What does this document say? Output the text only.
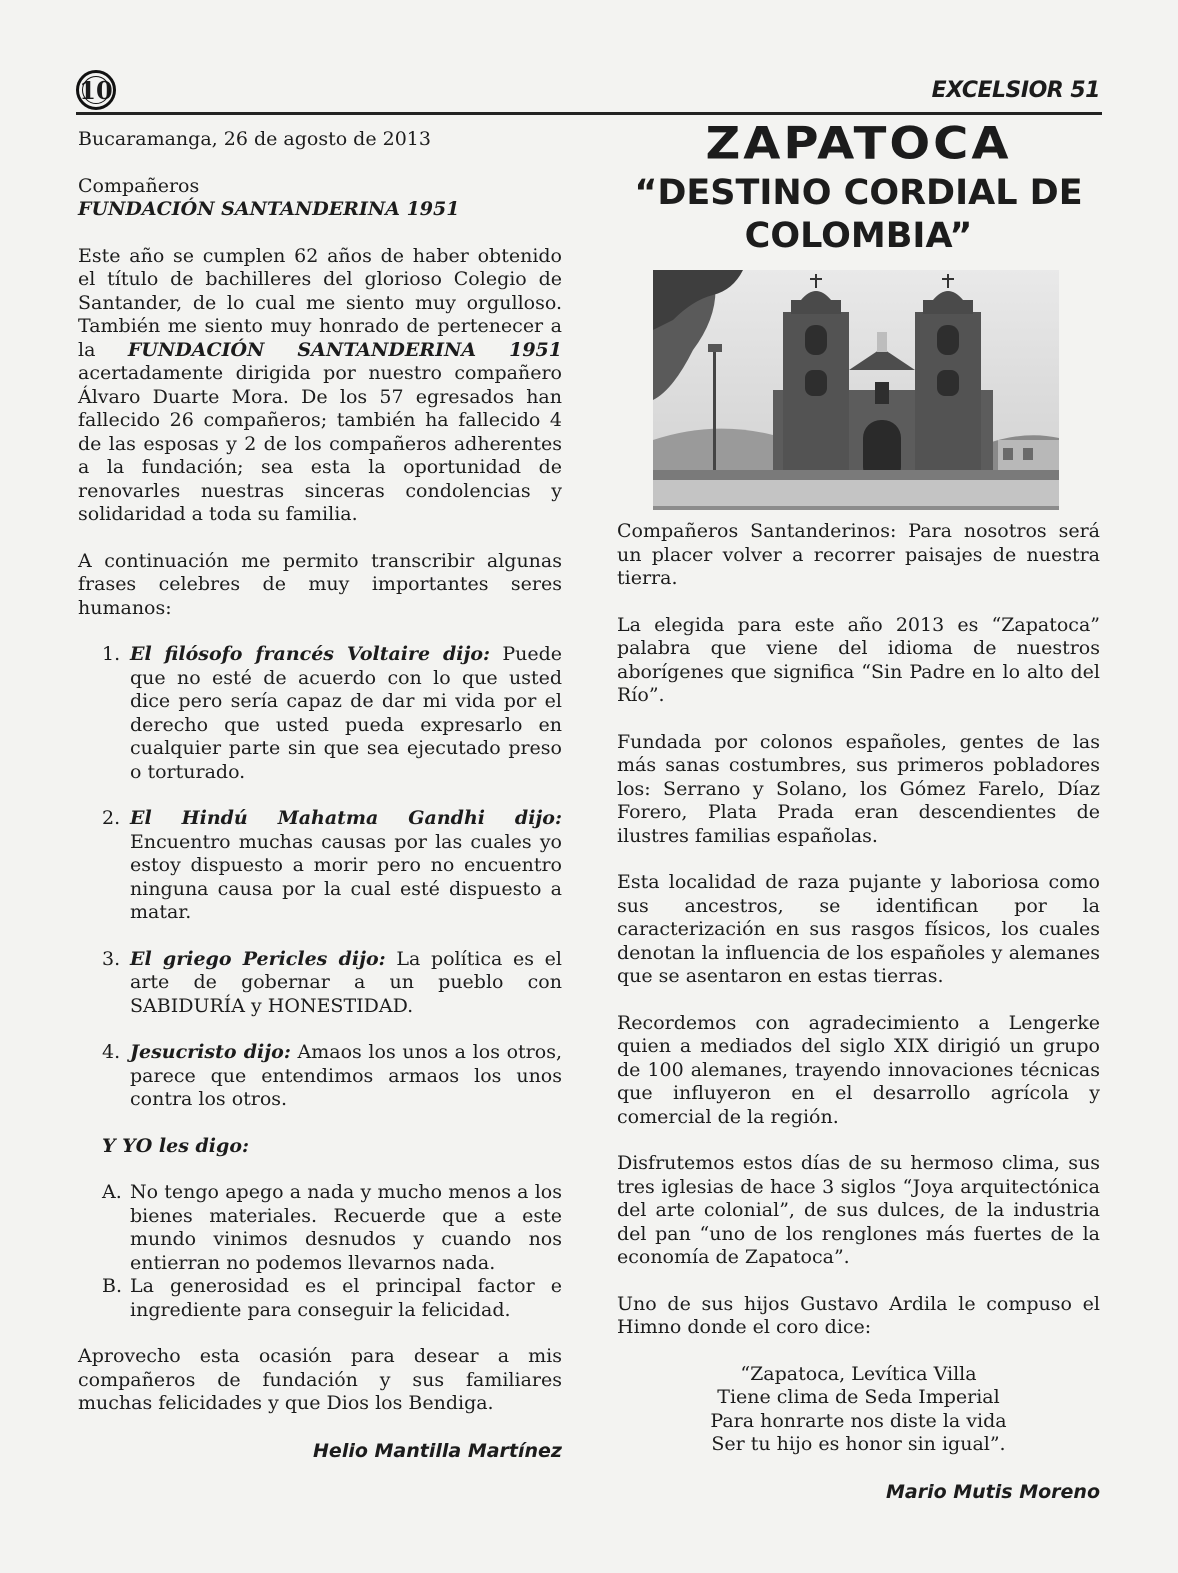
10	EXCELSIOR 51

Bucaramanga, 26 de agosto de 2013

Compañeros

FUNDACIÓN SANTANDERINA 1951

Este año se cumplen 62 años de haber obtenido el título de bachilleres del glorioso Colegio de Santander, de lo cual me siento muy orgulloso. También me siento muy honrado de pertenecer a la FUNDACIÓN SANTANDERINA 1951 acertadamente dirigida por nuestro compañero Álvaro Duarte Mora. De los 57 egresados han fallecido 26 compañeros; también ha fallecido 4 de las esposas y 2 de los compañeros adherentes a la fundación; sea esta la oportunidad de renovarles nuestras sinceras condolencias y solidaridad a toda su familia.

A continuación me permito transcribir algunas frases celebres de muy importantes seres humanos:

1. El filósofo francés Voltaire dijo: Puede que no esté de acuerdo con lo que usted dice pero sería capaz de dar mi vida por el derecho que usted pueda expresarlo en cualquier parte sin que sea ejecutado preso o torturado.
2. El Hindú Mahatma Gandhi dijo: Encuentro muchas causas por las cuales yo estoy dispuesto a morir pero no encuentro ninguna causa por la cual esté dispuesto a matar.
3. El griego Pericles dijo: La política es el arte de gobernar a un pueblo con SABIDURÍA y HONESTIDAD.
4. Jesucristo dijo: Amaos los unos a los otros, parece que entendimos armaos los unos contra los otros.

Y YO les digo:

A. No tengo apego a nada y mucho menos a los bienes materiales. Recuerde que a este mundo vinimos desnudos y cuando nos entierran no podemos llevarnos nada.
B. La generosidad es el principal factor e ingrediente para conseguir la felicidad.

Aprovecho esta ocasión para desear a mis compañeros de fundación y sus familiares muchas felicidades y que Dios los Bendiga.

Helio Mantilla Martínez

ZAPATOCA

“DESTINO CORDIAL DE COLOMBIA”

Compañeros Santanderinos: Para nosotros será un placer volver a recorrer paisajes de nuestra tierra.

La elegida para este año 2013 es “Zapatoca” palabra que viene del idioma de nuestros aborígenes que significa “Sin Padre en lo alto del Río”.

Fundada por colonos españoles, gentes de las más sanas costumbres, sus primeros pobladores los: Serrano y Solano, los Gómez Farelo, Díaz Forero, Plata Prada eran descendientes de ilustres familias españolas.

Esta localidad de raza pujante y laboriosa como sus ancestros, se identifican por la caracterización en sus rasgos físicos, los cuales denotan la influencia de los españoles y alemanes que se asentaron en estas tierras.

Recordemos con agradecimiento a Lengerke quien a mediados del siglo XIX dirigió un grupo de 100 alemanes, trayendo innovaciones técnicas que influyeron en el desarrollo agrícola y comercial de la región.

Disfrutemos estos días de su hermoso clima, sus tres iglesias de hace 3 siglos “Joya arquitectónica del arte colonial”, de sus dulces, de la industria del pan “uno de los renglones más fuertes de la economía de Zapatoca”.

Uno de sus hijos Gustavo Ardila le compuso el Himno donde el coro dice:

“Zapatoca, Levítica Villa

Tiene clima de Seda Imperial

Para honrarte nos diste la vida

Ser tu hijo es honor sin igual”.

Mario Mutis Moreno
